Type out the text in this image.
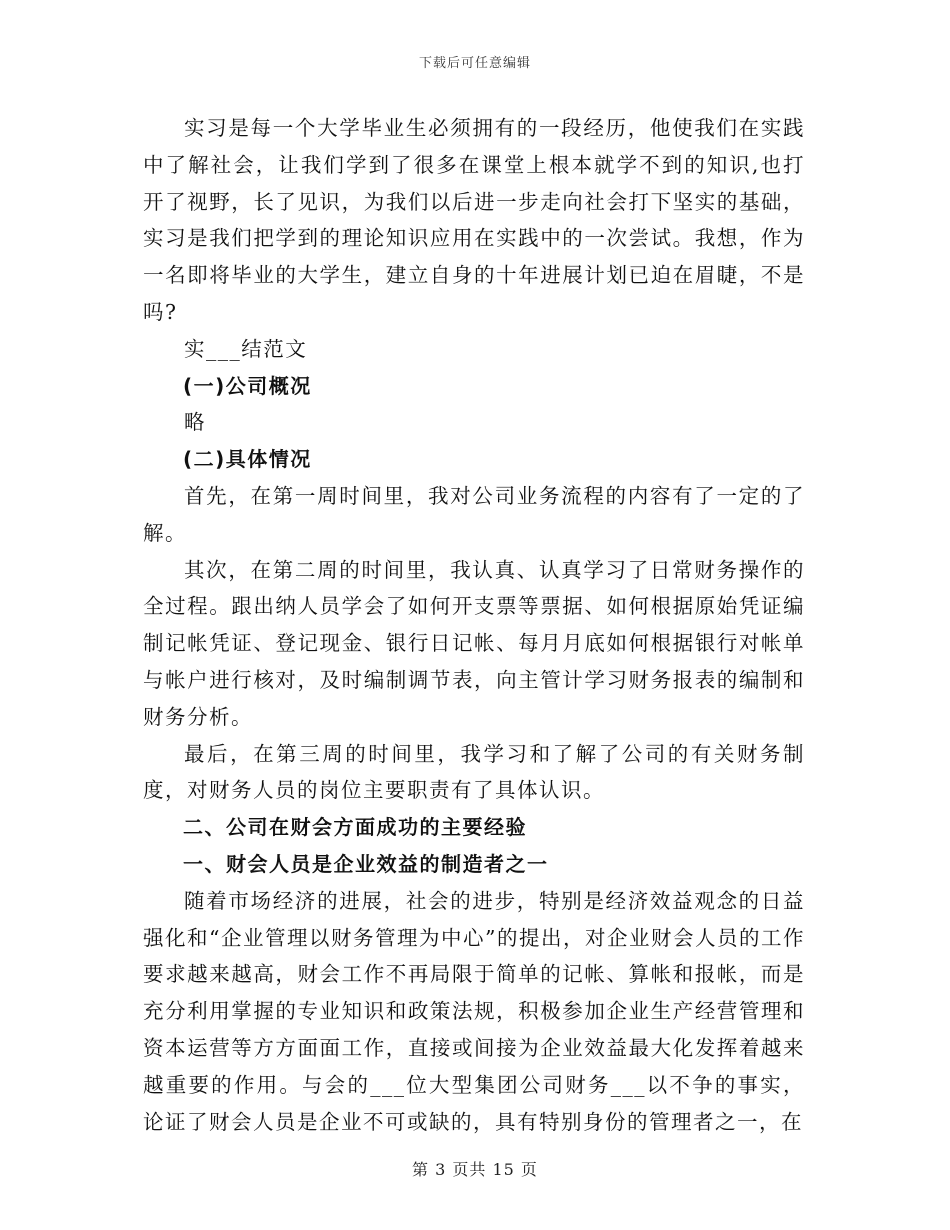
下载后可任意编辑

实习是每一个大学毕业生必须拥有的一段经历，他使我们在实践中了解社会，让我们学到了很多在课堂上根本就学不到的知识,也打开了视野，长了见识，为我们以后进一步走向社会打下坚实的基础，实习是我们把学到的理论知识应用在实践中的一次尝试。我想，作为一名即将毕业的大学生，建立自身的十年进展计划已迫在眉睫，不是吗?

实___结范文

(一)公司概况

略

(二)具体情况

首先，在第一周时间里，我对公司业务流程的内容有了一定的了解。

其次，在第二周的时间里，我认真、认真学习了日常财务操作的全过程。跟出纳人员学会了如何开支票等票据、如何根据原始凭证编制记帐凭证、登记现金、银行日记帐、每月月底如何根据银行对帐单与帐户进行核对，及时编制调节表，向主管计学习财务报表的编制和财务分析。

最后，在第三周的时间里，我学习和了解了公司的有关财务制度，对财务人员的岗位主要职责有了具体认识。

二、公司在财会方面成功的主要经验

一、财会人员是企业效益的制造者之一

随着市场经济的进展，社会的进步，特别是经济效益观念的日益强化和“企业管理以财务管理为中心”的提出，对企业财会人员的工作要求越来越高，财会工作不再局限于简单的记帐、算帐和报帐，而是充分利用掌握的专业知识和政策法规，积极参加企业生产经营管理和资本运营等方方面面工作，直接或间接为企业效益最大化发挥着越来越重要的作用。与会的___位大型集团公司财务___以不争的事实，论证了财会人员是企业不可或缺的，具有特别身份的管理者之一，在

第 3 页共 15 页
